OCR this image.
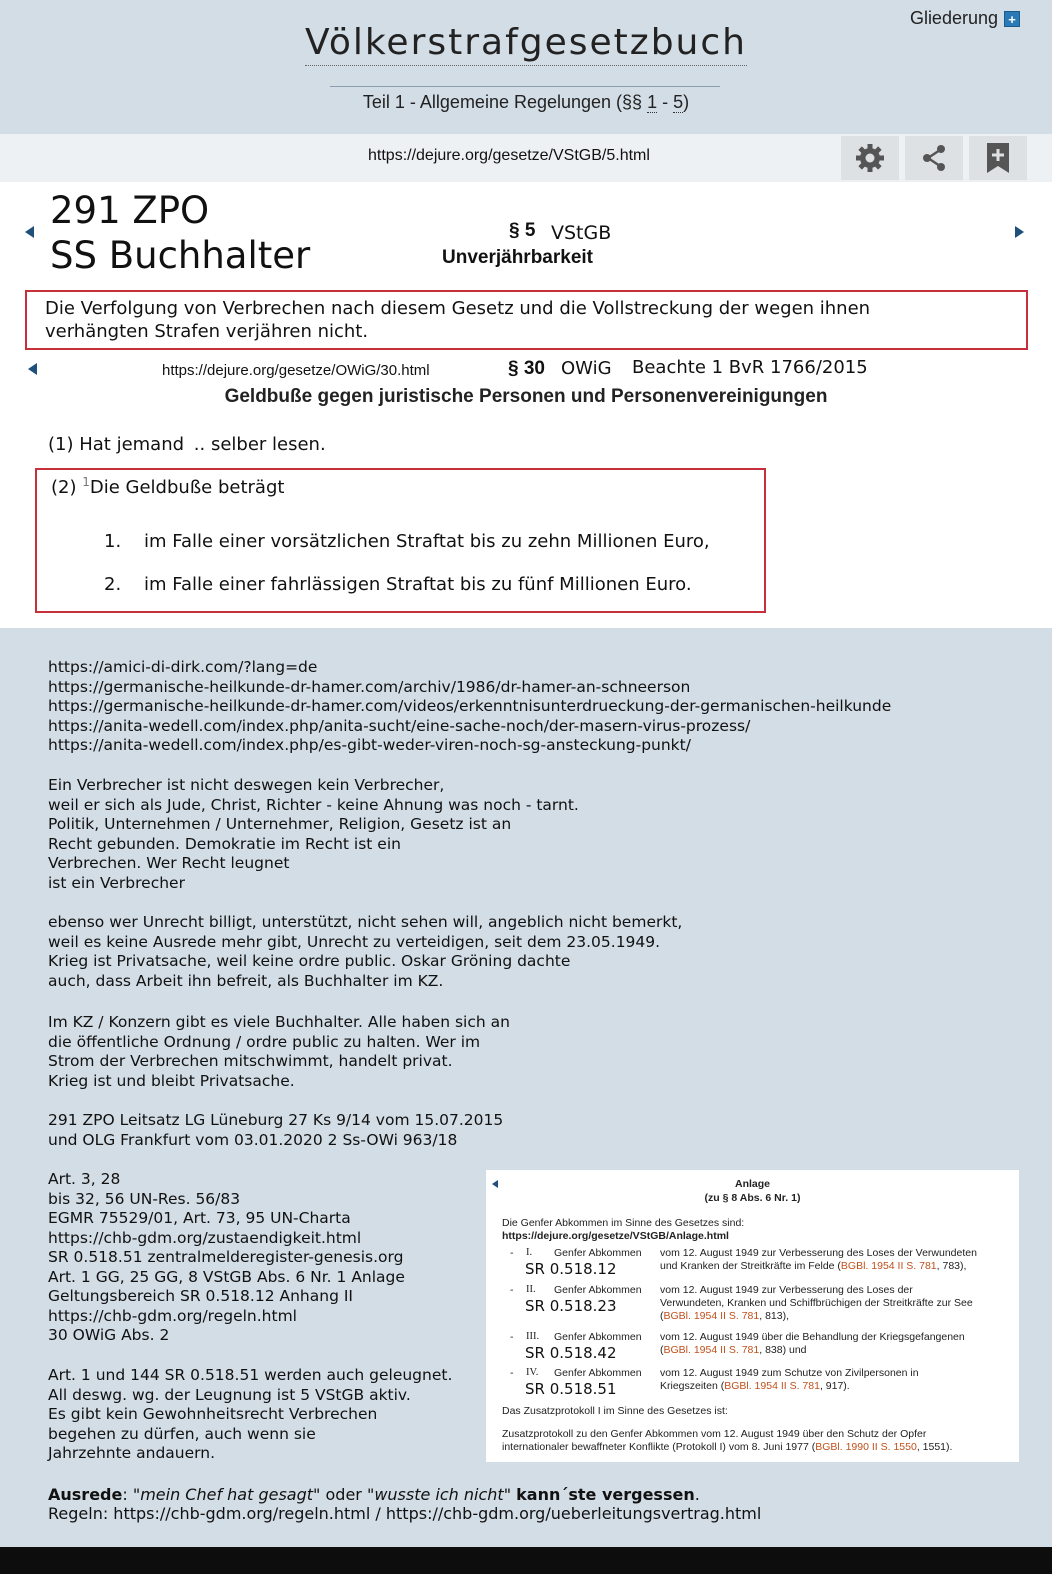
Gliederung +
Völkerstrafgesetzbuch
Teil 1 - Allgemeine Regelungen (§§ 1 - 5)
https://dejure.org/gesetze/VStGB/5.html
291 ZPO
SS Buchhalter
§ 5 VStGB
Unverjährbarkeit
Die Verfolgung von Verbrechen nach diesem Gesetz und die Vollstreckung der wegen ihnen
verhängten Strafen verjähren nicht.
https://dejure.org/gesetze/OWiG/30.html	§ 30 OWiG Beachte 1 BvR 1766/2015
Geldbuße gegen juristische Personen und Personenvereinigungen
(1) Hat jemand .. selber lesen.
(2) $^1$Die Geldbuße beträgt
1. im Falle einer vorsätzlichen Straftat bis zu zehn Millionen Euro,
2. im Falle einer fahrlässigen Straftat bis zu fünf Millionen Euro.
https://amici-di-dirk.com/?lang=de
https://germanische-heilkunde-dr-hamer.com/archiv/1986/dr-hamer-an-schneerson
https://germanische-heilkunde-dr-hamer.com/videos/erkenntnisunterdrueckung-der-germanischen-heilkunde
https://anita-wedell.com/index.php/anita-sucht/eine-sache-noch/der-masern-virus-prozess/
https://anita-wedell.com/index.php/es-gibt-weder-viren-noch-sg-ansteckung-punkt/
Ein Verbrecher ist nicht deswegen kein Verbrecher,
weil er sich als Jude, Christ, Richter - keine Ahnung was noch - tarnt.
Politik, Unternehmen / Unternehmer, Religion, Gesetz ist an
Recht gebunden. Demokratie im Recht ist ein
Verbrechen. Wer Recht leugnet
ist ein Verbrecher
ebenso wer Unrecht billigt, unterstützt, nicht sehen will, angeblich nicht bemerkt,
weil es keine Ausrede mehr gibt, Unrecht zu verteidigen, seit dem 23.05.1949.
Krieg ist Privatsache, weil keine ordre public. Oskar Gröning dachte
auch, dass Arbeit ihn befreit, als Buchhalter im KZ.
Im KZ / Konzern gibt es viele Buchhalter. Alle haben sich an
die öffentliche Ordnung / ordre public zu halten. Wer im
Strom der Verbrechen mitschwimmt, handelt privat.
Krieg ist und bleibt Privatsache.
291 ZPO Leitsatz LG Lüneburg 27 Ks 9/14 vom 15.07.2015
und OLG Frankfurt vom 03.01.2020 2 Ss-OWi 963/18
Art. 3, 28
bis 32, 56 UN-Res. 56/83
EGMR 75529/01, Art. 73, 95 UN-Charta
https://chb-gdm.org/zustaendigkeit.html
SR 0.518.51 zentralmelderegister-genesis.org
Art. 1 GG, 25 GG, 8 VStGB Abs. 6 Nr. 1 Anlage
Geltungsbereich SR 0.518.12 Anhang II
https://chb-gdm.org/regeln.html
30 OWiG Abs. 2
Art. 1 und 144 SR 0.518.51 werden auch geleugnet.
All deswg. wg. der Leugnung ist 5 VStGB aktiv.
Es gibt kein Gewohnheitsrecht Verbrechen
begehen zu dürfen, auch wenn sie
Jahrzehnte andauern.
Ausrede: "mein Chef hat gesagt" oder "wusste ich nicht" kann´ste vergessen.
Regeln: https://chb-gdm.org/regeln.html / https://chb-gdm.org/ueberleitungsvertrag.html
Anlage
(zu § 8 Abs. 6 Nr. 1)
Die Genfer Abkommen im Sinne des Gesetzes sind:
https://dejure.org/gesetze/VStGB/Anlage.html
- I. Genfer Abkommen
SR 0.518.12
vom 12. August 1949 zur Verbesserung des Loses der Verwundeten
und Kranken der Streitkräfte im Felde (BGBl. 1954 II S. 781, 783),
- II. Genfer Abkommen
SR 0.518.23
vom 12. August 1949 zur Verbesserung des Loses der
Verwundeten, Kranken und Schiffbrüchigen der Streitkräfte zur See
(BGBl. 1954 II S. 781, 813),
- III. Genfer Abkommen
SR 0.518.42
vom 12. August 1949 über die Behandlung der Kriegsgefangenen
(BGBl. 1954 II S. 781, 838) und
- IV. Genfer Abkommen
SR 0.518.51
vom 12. August 1949 zum Schutze von Zivilpersonen in
Kriegszeiten (BGBl. 1954 II S. 781, 917).
Das Zusatzprotokoll I im Sinne des Gesetzes ist:
Zusatzprotokoll zu den Genfer Abkommen vom 12. August 1949 über den Schutz der Opfer
internationaler bewaffneter Konflikte (Protokoll I) vom 8. Juni 1977 (BGBl. 1990 II S. 1550, 1551).
